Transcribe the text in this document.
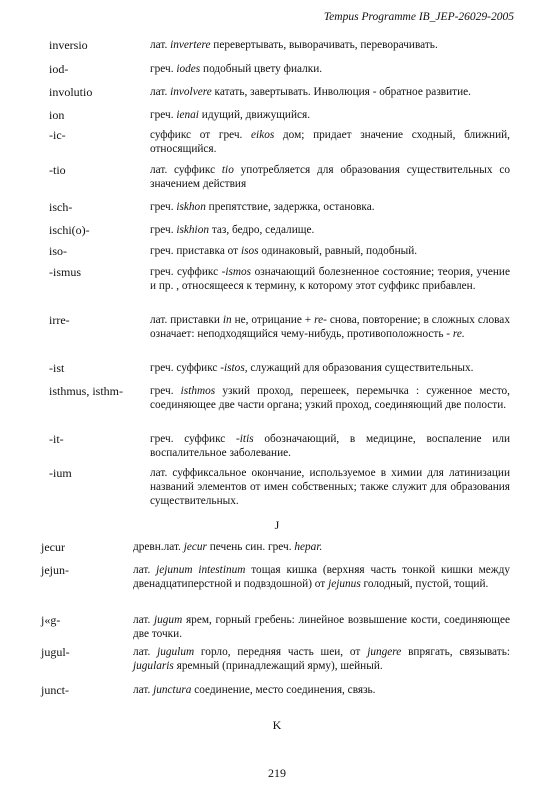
Tempus Programme IB_JEP-26029-2005
inversio	лат. invertere перевертывать, выворачивать, переворачивать.
iod-	греч. iodes подобный цвету фиалки.
involutio	лат. involvere катать, завертывать. Инволюция - обратное развитие.
ion	греч. ienai идущий, движущийся.
-ic-	суффикс от греч. eikos дом; придает значение сходный, ближний, относящийся.
-tio	лат. суффикс tio употребляется для образования существительных со значением действия
isch-	греч. iskhon препятствие, задержка, остановка.
ischi(o)-	греч. iskhion таз, бедро, седалище.
iso-	греч. приставка от isos одинаковый, равный, подобный.
-ismus	греч. суффикс -ismos означающий болезненное состояние; теория, учение и пр. , относящееся к термину, к которому этот суффикс прибавлен.
irre-	лат. приставки in не, отрицание + re- снова, повторение; в сложных словах означает: неподходящийся чему-нибудь, противоположность - re.
-ist	греч. суффикс -istos, служащий для образования существительных.
isthmus, isthm- греч. isthmos узкий проход, перешеек, перемычка : суженное место, соединяющее две части органа; узкий проход, соединяющий две полости.
-it-	греч. суффикс -itis обозначающий, в медицине, воспаление или воспалительное заболевание.
-ium	лат. суффиксальное окончание, используемое в химии для латинизации названий элементов от имен собственных; также служит для образования существительных.
jecur	древн.лат. jecur печень син. греч. hepar.
jejun-	лат. jejunum intestinum тощая кишка (верхняя часть тонкой кишки между двенадцатиперстной и подвздошной) от jejunus голодный, пустой, тощий.
j«g-	лат. jugum ярем, горный гребень: линейное возвышение кости, соединяющее две точки.
jugul-	лат. jugulum горло, передняя часть шеи, от jungere впрягать, связывать: jugularis яремный (принадлежащий ярму), шейный.
junct-	лат. junctura соединение, место соединения, связь.
J
K
219
